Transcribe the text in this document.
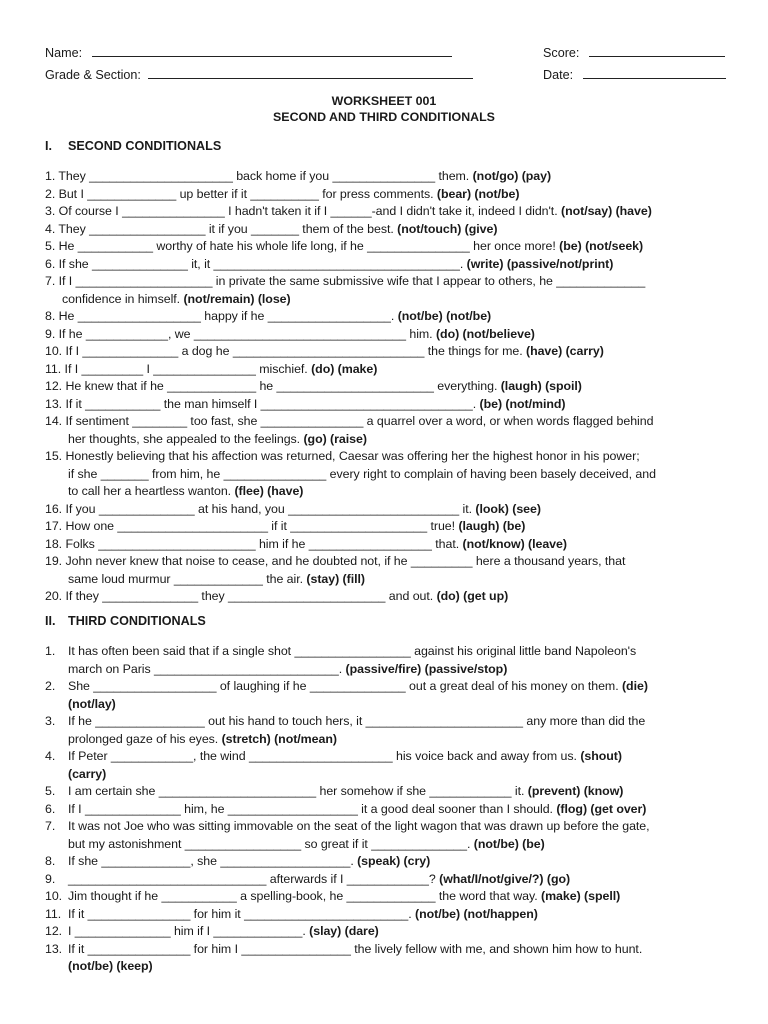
Name:	Score:
Grade & Section:	Date:
WORKSHEET 001
SECOND AND THIRD CONDITIONALS
I. SECOND CONDITIONALS
1. They _____________________ back home if you _______________ them. (not/go) (pay)
2. But I _____________ up better if it __________ for press comments. (bear) (not/be)
3. Of course I _______________ I hadn't taken it if I ______-and I didn't take it, indeed I didn't. (not/say) (have)
4. They _________________ it if you _______ them of the best. (not/touch) (give)
5. He ___________ worthy of hate his whole life long, if he _______________ her once more! (be) (not/seek)
6. If she ______________ it, it ____________________________________. (write) (passive/not/print)
7. If I ____________________ in private the same submissive wife that I appear to others, he _____________
confidence in himself. (not/remain) (lose)
8. He __________________ happy if he __________________. (not/be) (not/be)
9. If he ____________, we _______________________________ him. (do) (not/believe)
10. If I ______________ a dog he ____________________________ the things for me. (have) (carry)
11. If I _________ I _______________ mischief. (do) (make)
12. He knew that if he _____________ he _______________________ everything. (laugh) (spoil)
13. If it ___________ the man himself I _______________________________. (be) (not/mind)
14. If sentiment ________ too fast, she _______________ a quarrel over a word, or when words flagged behind
her thoughts, she appealed to the feelings. (go) (raise)
15. Honestly believing that his affection was returned, Caesar was offering her the highest honor in his power;
if she _______ from him, he _______________ every right to complain of having been basely deceived, and
to call her a heartless wanton. (flee) (have)
16. If you ______________ at his hand, you _________________________ it. (look) (see)
17. How one ______________________ if it ____________________ true! (laugh) (be)
18. Folks _______________________ him if he __________________ that. (not/know) (leave)
19. John never knew that noise to cease, and he doubted not, if he _________ here a thousand years, that
same loud murmur _____________ the air. (stay) (fill)
20. If they ______________ they _______________________ and out. (do) (get up)
II. THIRD CONDITIONALS
1. It has often been said that if a single shot _________________ against his original little band Napoleon's
march on Paris ___________________________. (passive/fire) (passive/stop)
2. She __________________ of laughing if he ______________ out a great deal of his money on them. (die)
(not/lay)
3. If he ________________ out his hand to touch hers, it _______________________ any more than did the
prolonged gaze of his eyes. (stretch) (not/mean)
4. If Peter ____________, the wind _____________________ his voice back and away from us. (shout)
(carry)
5. I am certain she _______________________ her somehow if she ____________ it. (prevent) (know)
6. If I ______________ him, he ___________________ it a good deal sooner than I should. (flog) (get over)
7. It was not Joe who was sitting immovable on the seat of the light wagon that was drawn up before the gate,
but my astonishment _________________ so great if it ______________. (not/be) (be)
8. If she _____________, she ___________________. (speak) (cry)
9. _____________________________ afterwards if I ____________? (what/I/not/give/?) (go)
10. Jim thought if he ___________ a spelling-book, he _____________ the word that way. (make) (spell)
11. If it _______________ for him it ________________________. (not/be) (not/happen)
12. I ______________ him if I _____________. (slay) (dare)
13. If it _______________ for him I ________________ the lively fellow with me, and shown him how to hunt.
(not/be) (keep)
